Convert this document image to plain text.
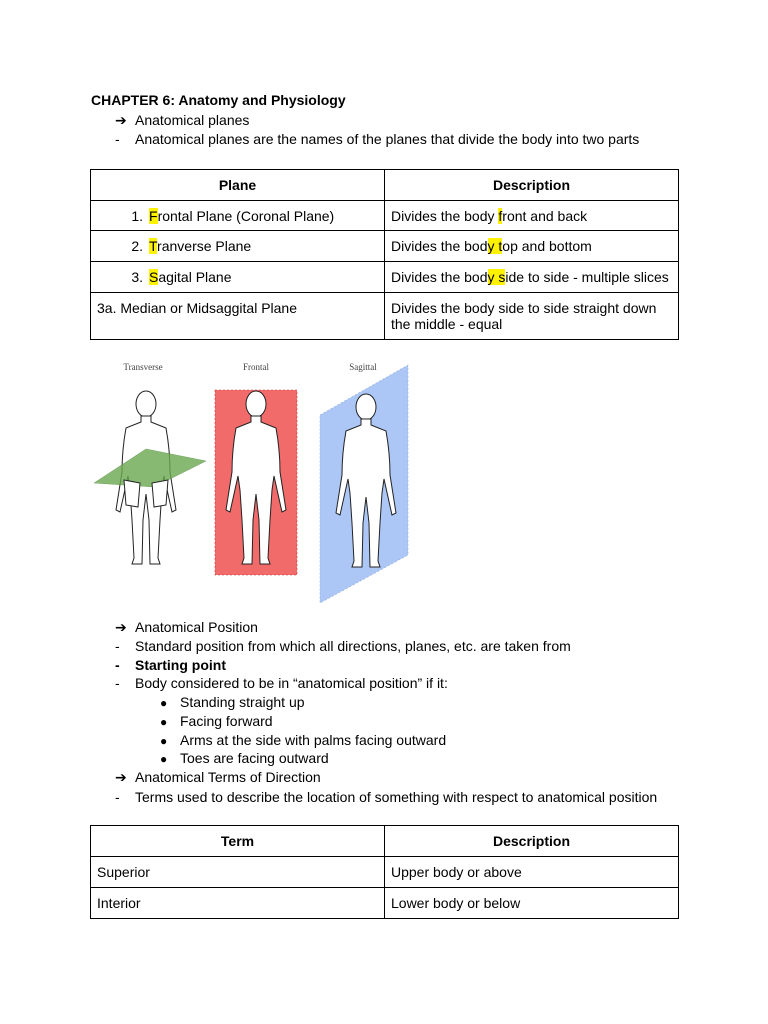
CHAPTER 6: Anatomy and Physiology
➔ Anatomical planes
- Anatomical planes are the names of the planes that divide the body into two parts
Plane	Description
1. Frontal Plane (Coronal Plane)	Divides the body front and back
2. Tranverse Plane	Divides the body top and bottom
3. Sagital Plane	Divides the body side to side - multiple slices
3a. Median or Midsaggital Plane	Divides the body side to side straight down the middle - equal
Transverse	Frontal	Sagittal
➔ Anatomical Position
- Standard position from which all directions, planes, etc. are taken from
- Starting point
- Body considered to be in “anatomical position” if it:
● Standing straight up
● Facing forward
● Arms at the side with palms facing outward
● Toes are facing outward
➔ Anatomical Terms of Direction
- Terms used to describe the location of something with respect to anatomical position
Term	Description
Superior	Upper body or above
Interior	Lower body or below
